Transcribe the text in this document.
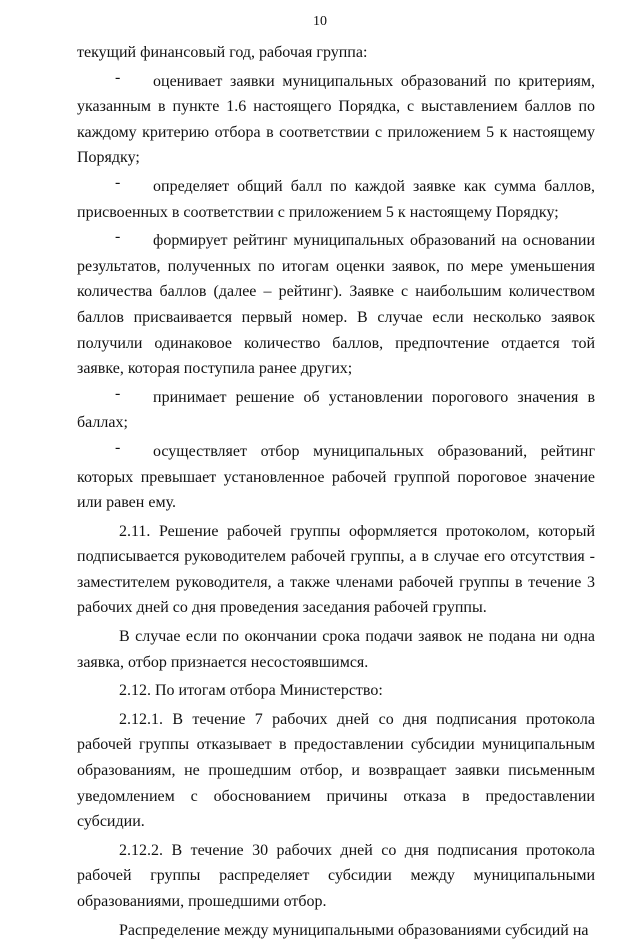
10

текущий финансовый год, рабочая группа:

-	оценивает заявки муниципальных образований по критериям, указанным в пункте 1.6 настоящего Порядка, с выставлением баллов по каждому критерию отбора в соответствии с приложением 5 к настоящему Порядку;

-	определяет общий балл по каждой заявке как сумма баллов, присвоенных в соответствии с приложением 5 к настоящему Порядку;

-	формирует рейтинг муниципальных образований на основании результатов, полученных по итогам оценки заявок, по мере уменьшения количества баллов (далее – рейтинг). Заявке с наибольшим количеством баллов присваивается первый номер. В случае если несколько заявок получили одинаковое количество баллов, предпочтение отдается той заявке, которая поступила ранее других;

-	принимает решение об установлении порогового значения в баллах;

-	осуществляет отбор муниципальных образований, рейтинг которых превышает установленное рабочей группой пороговое значение или равен ему.

2.11. Решение рабочей группы оформляется протоколом, который подписывается руководителем рабочей группы, а в случае его отсутствия - заместителем руководителя, а также членами рабочей группы в течение 3 рабочих дней со дня проведения заседания рабочей группы.

В случае если по окончании срока подачи заявок не подана ни одна заявка, отбор признается несостоявшимся.

2.12. По итогам отбора Министерство:

2.12.1. В течение 7 рабочих дней со дня подписания протокола рабочей группы отказывает в предоставлении субсидии муниципальным образованиям, не прошедшим отбор, и возвращает заявки письменным уведомлением с обоснованием причины отказа в предоставлении субсидии.

2.12.2. В течение 30 рабочих дней со дня подписания протокола рабочей группы распределяет субсидии между муниципальными образованиями, прошедшими отбор.

Распределение между муниципальными образованиями субсидий на
